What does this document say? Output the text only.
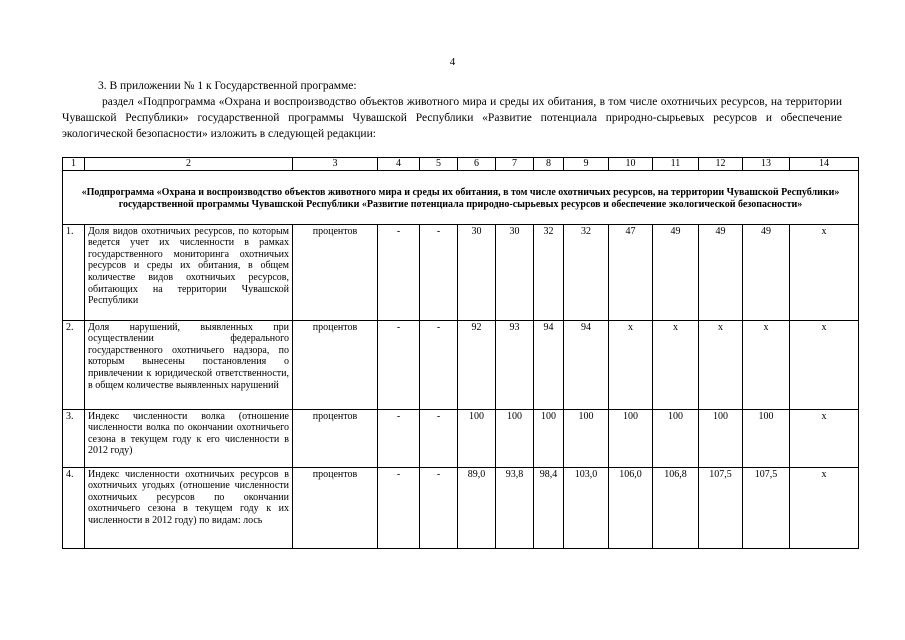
4
3. В приложении № 1 к Государственной программе:
раздел «Подпрограмма «Охрана и воспроизводство объектов животного мира и среды их обитания, в том числе охотничьих ресурсов, на территории Чувашской Республики» государственной программы Чувашской Республики «Развитие потенциала природно-сырьевых ресурсов и обеспечение экологической безопасности» изложить в следующей редакции:
1	2	3	4	5	6	7	8	9	10	11	12	13	14
«Подпрограмма «Охрана и воспроизводство объектов животного мира и среды их обитания, в том числе охотничьих ресурсов, на территории Чувашской Республики» государственной программы Чувашской Республики «Развитие потенциала природно-сырьевых ресурсов и обеспечение экологической безопасности»													
1.	Доля видов охотничьих ресурсов, по которым ведется учет их численности в рамках государственного мониторинга охотничьих ресурсов и среды их обитания, в общем количестве видов охотничьих ресурсов, обитающих на территории Чувашской Республики	процентов	-	-	30	30	32	32	47	49	49	49	x
2.	Доля нарушений, выявленных при осуществлении федерального государственного охотничьего надзора, по которым вынесены постановления о привлечении к юридической ответственности, в общем количестве выявленных нарушений	процентов	-	-	92	93	94	94	x	x	x	x	x
3.	Индекс численности волка (отношение численности волка по окончании охотничьего сезона в текущем году к его численности в 2012 году)	процентов	-	-	100	100	100	100	100	100	100	100	x
4.	Индекс численности охотничьих ресурсов в охотничьих угодьях (отношение численности охотничьих ресурсов по окончании охотничьего сезона в текущем году к их численности в 2012 году) по видам: лось	процентов	-	-	89,0	93,8	98,4	103,0	106,0	106,8	107,5	107,5	x
